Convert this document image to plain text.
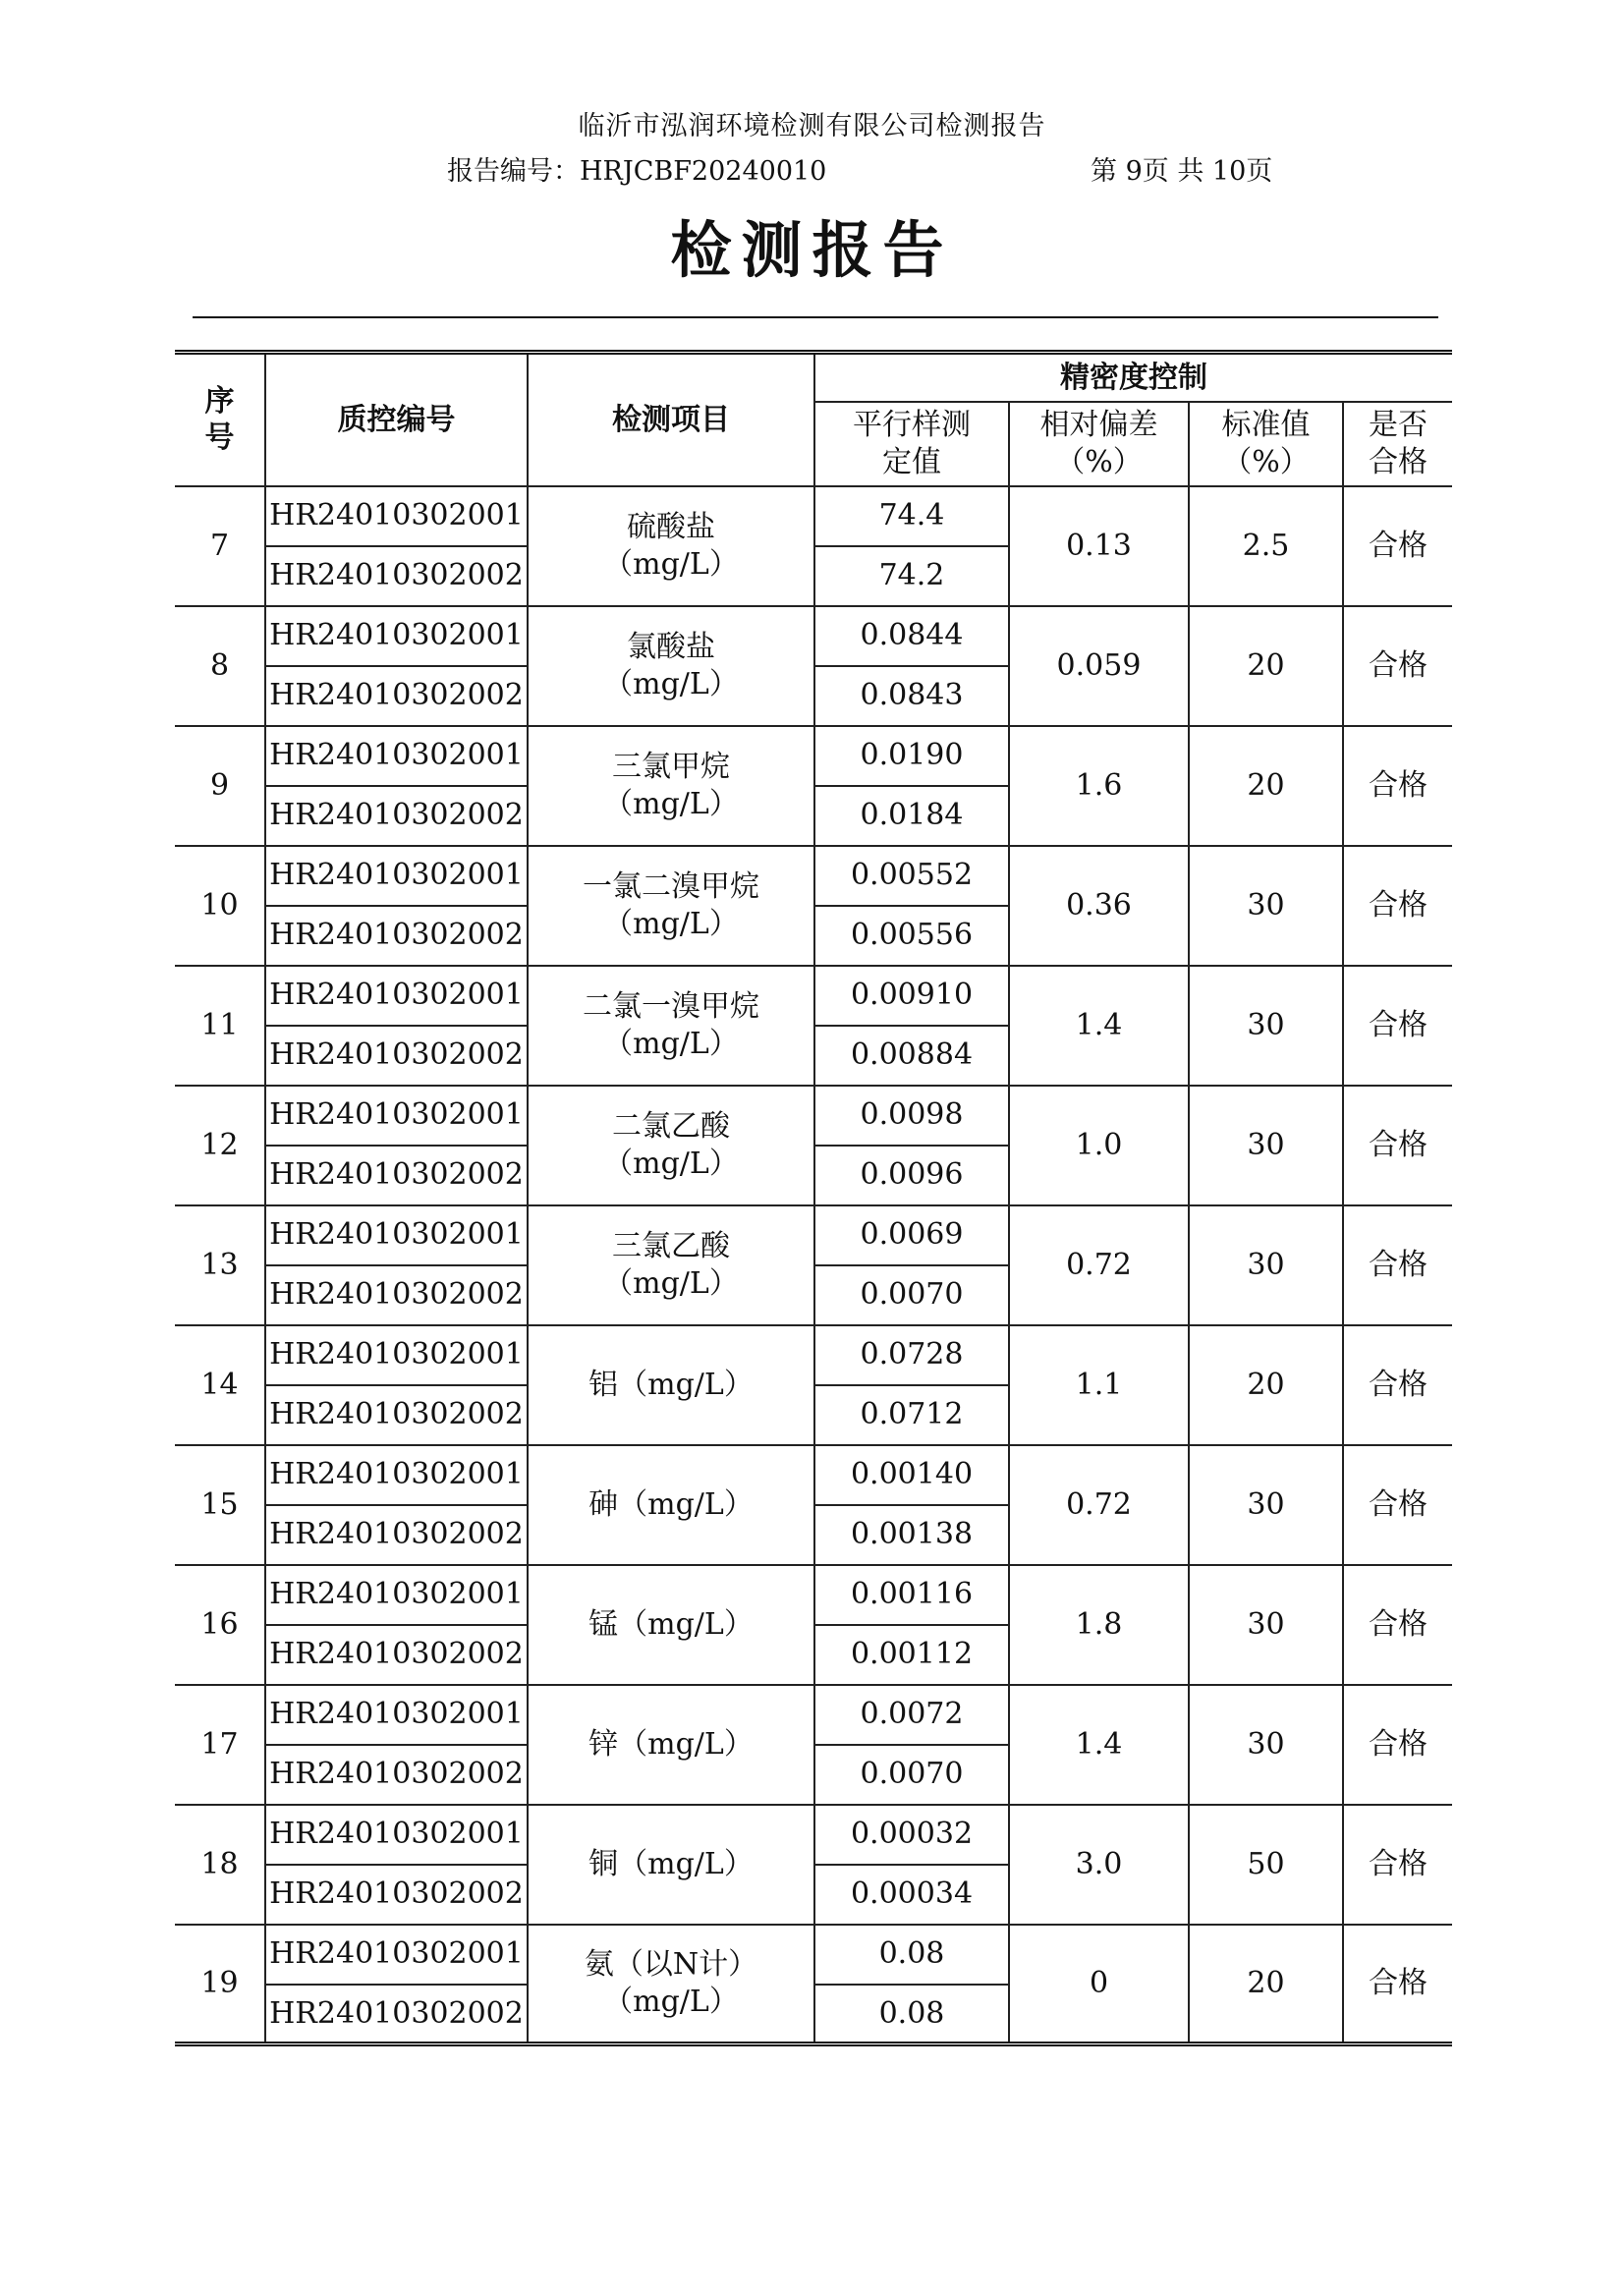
临沂市泓润环境检测有限公司检测报告
报告编号：HRJCBF20240010	第 9页 共 10页
检测报告
序号	质控编号	检测项目	精密度控制			

			平行样测定值	相对偏差（%）	标准值（%）	是否合格

7	HR24010302001	硫酸盐（mg/L）	74.4	0.13	2.5	合格
	HR24010302002		74.2			
8	HR24010302001	氯酸盐（mg/L）	0.0844	0.059	20	合格
	HR24010302002		0.0843			
9	HR24010302001	三氯甲烷（mg/L）	0.0190	1.6	20	合格
	HR24010302002		0.0184			
10	HR24010302001	一氯二溴甲烷（mg/L）	0.00552	0.36	30	合格
	HR24010302002		0.00556			
11	HR24010302001	二氯一溴甲烷（mg/L）	0.00910	1.4	30	合格
	HR24010302002		0.00884			
12	HR24010302001	二氯乙酸（mg/L）	0.0098	1.0	30	合格
	HR24010302002		0.0096			
13	HR24010302001	三氯乙酸（mg/L）	0.0069	0.72	30	合格
	HR24010302002		0.0070			
14	HR24010302001	铝（mg/L）	0.0728	1.1	20	合格
	HR24010302002		0.0712			
15	HR24010302001	砷（mg/L）	0.00140	0.72	30	合格
	HR24010302002		0.00138			
16	HR24010302001	锰（mg/L）	0.00116	1.8	30	合格
	HR24010302002		0.00112			
17	HR24010302001	锌（mg/L）	0.0072	1.4	30	合格
	HR24010302002		0.0070			
18	HR24010302001	铜（mg/L）	0.00032	3.0	50	合格
	HR24010302002		0.00034			
19	HR24010302001	氨（以N计）（mg/L）	0.08	0	20	合格
	HR24010302002		0.08			
